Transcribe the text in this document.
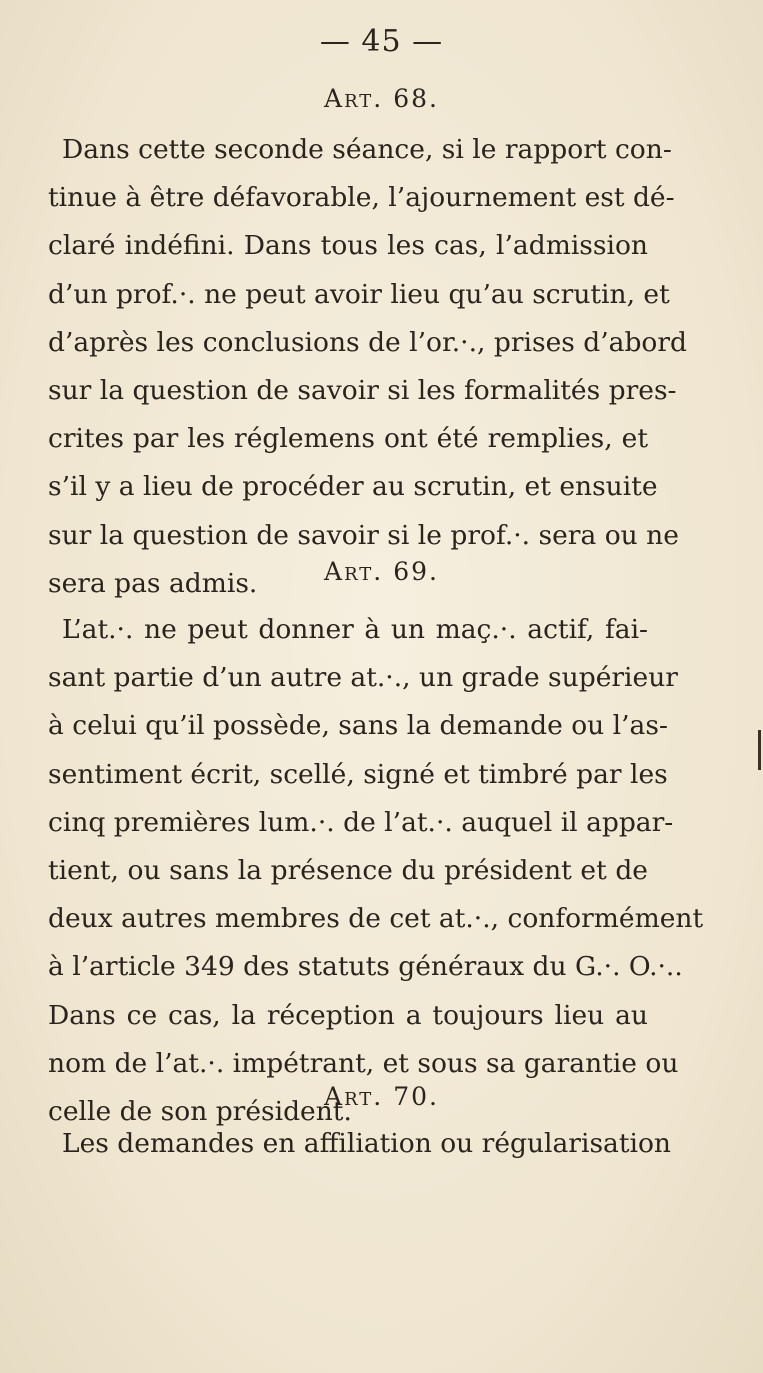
— 45 —
Art. 68.
Dans cette seconde séance, si le rapport con-
tinue à être défavorable, l’ajournement est dé-
claré indéfini. Dans tous les cas, l’admission
d’un prof.·. ne peut avoir lieu qu’au scrutin, et
d’après les conclusions de l’or.·., prises d’abord
sur la question de savoir si les formalités pres-
crites par les réglemens ont été remplies, et
s’il y a lieu de procéder au scrutin, et ensuite
sur la question de savoir si le prof.·. sera ou ne
sera pas admis.	Art. 69.
L’at.·. ne peut donner à un maç.·. actif, fai-
sant partie d’un autre at.·., un grade supérieur
à celui qu’il possède, sans la demande ou l’as-
sentiment écrit, scellé, signé et timbré par les
cinq premières lum.·. de l’at.·. auquel il appar-
tient, ou sans la présence du président et de
deux autres membres de cet at.·., conformément
à l’article 349 des statuts généraux du G.·. O.·..
Dans ce cas, la réception a toujours lieu au
nom de l’at.·. impétrant, et sous sa garantie ou
celle de son président.
Art. 70.
Les demandes en affiliation ou régularisation
